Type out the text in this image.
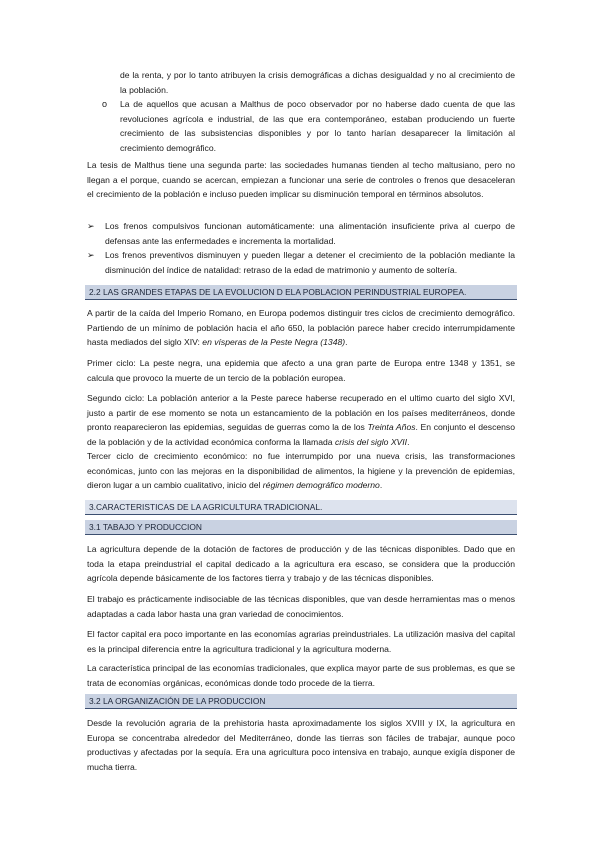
de la renta, y por lo tanto atribuyen la crisis demográficas a dichas desigualdad y no al crecimiento de la población.

o La de aquellos que acusan a Malthus de poco observador por no haberse dado cuenta de que las revoluciones agrícola e industrial, de las que era contemporáneo, estaban produciendo un fuerte crecimiento de las subsistencias disponibles y por lo tanto harían desaparecer la limitación al crecimiento demográfico.

La tesis de Malthus tiene una segunda parte: las sociedades humanas tienden al techo maltusiano, pero no llegan a el porque, cuando se acercan, empiezan a funcionar una serie de controles o frenos que desaceleran el crecimiento de la población e incluso pueden implicar su disminución temporal en términos absolutos.

➢ Los frenos compulsivos funcionan automáticamente: una alimentación insuficiente priva al cuerpo de defensas ante las enfermedades e incrementa la mortalidad.

➢ Los frenos preventivos disminuyen y pueden llegar a detener el crecimiento de la población mediante la disminución del índice de natalidad: retraso de la edad de matrimonio y aumento de soltería.

2.2 LAS GRANDES ETAPAS DE LA EVOLUCION D ELA POBLACION PERINDUSTRIAL EUROPEA.

A partir de la caída del Imperio Romano, en Europa podemos distinguir tres ciclos de crecimiento demográfico. Partiendo de un mínimo de población hacia el año 650, la población parece haber crecido interrumpidamente hasta mediados del siglo XIV: en vísperas de la Peste Negra (1348).

Primer ciclo: La peste negra, una epidemia que afecto a una gran parte de Europa entre 1348 y 1351, se calcula que provoco la muerte de un tercio de la población europea.

Segundo ciclo: La población anterior a la Peste parece haberse recuperado en el ultimo cuarto del siglo XVI, justo a partir de ese momento se nota un estancamiento de la población en los países mediterráneos, donde pronto reaparecieron las epidemias, seguidas de guerras como la de los Treinta Años. En conjunto el descenso de la población y de la actividad económica conforma la llamada crisis del siglo XVII.

Tercer ciclo de crecimiento económico: no fue interrumpido por una nueva crisis, las transformaciones económicas, junto con las mejoras en la disponibilidad de alimentos, la higiene y la prevención de epidemias, dieron lugar a un cambio cualitativo, inicio del régimen demográfico moderno.

3.CARACTERISTICAS DE LA AGRICULTURA TRADICIONAL.
3.1 TABAJO Y PRODUCCION

La agricultura depende de la dotación de factores de producción y de las técnicas disponibles. Dado que en toda la etapa preindustrial el capital dedicado a la agricultura era escaso, se considera que la producción agrícola depende básicamente de los factores tierra y trabajo y de las técnicas disponibles.

El trabajo es prácticamente indisociable de las técnicas disponibles, que van desde herramientas mas o menos adaptadas a cada labor hasta una gran variedad de conocimientos.

El factor capital era poco importante en las economías agrarias preindustriales. La utilización masiva del capital es la principal diferencia entre la agricultura tradicional y la agricultura moderna.

La característica principal de las economías tradicionales, que explica mayor parte de sus problemas, es que se trata de economías orgánicas, económicas donde todo procede de la tierra.

3.2 LA ORGANIZACIÓN DE LA PRODUCCION

Desde la revolución agraria de la prehistoria hasta aproximadamente los siglos XVIII y IX, la agricultura en Europa se concentraba alrededor del Mediterráneo, donde las tierras son fáciles de trabajar, aunque poco productivas y afectadas por la sequía. Era una agricultura poco intensiva en trabajo, aunque exigía disponer de mucha tierra.
